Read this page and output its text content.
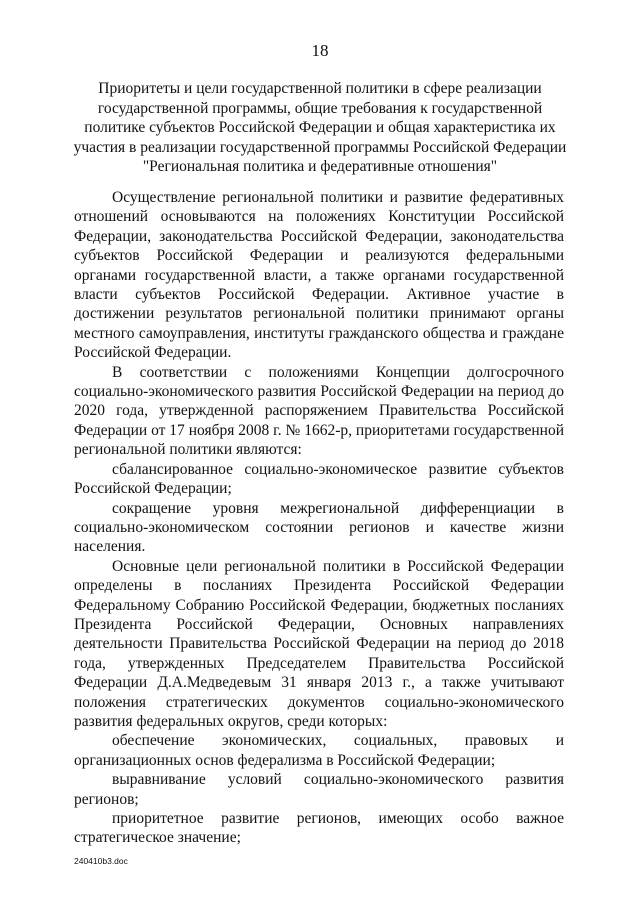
18
Приоритеты и цели государственной политики в сфере реализации
государственной программы, общие требования к государственной
политике субъектов Российской Федерации и общая характеристика их
участия в реализации государственной программы Российской Федерации
"Региональная политика и федеративные отношения"

Осуществление региональной политики и развитие федеративных отношений основываются на положениях Конституции Российской Федерации, законодательства Российской Федерации, законодательства субъектов Российской Федерации и реализуются федеральными органами государственной власти, а также органами государственной власти субъектов Российской Федерации. Активное участие в достижении результатов региональной политики принимают органы местного самоуправления, институты гражданского общества и граждане Российской Федерации.

В соответствии с положениями Концепции долгосрочного социально-экономического развития Российской Федерации на период до 2020 года, утвержденной распоряжением Правительства Российской Федерации от 17 ноября 2008 г. № 1662-р, приоритетами государственной региональной политики являются:

сбалансированное социально-экономическое развитие субъектов Российской Федерации;

сокращение уровня межрегиональной дифференциации в социально-экономическом состоянии регионов и качестве жизни населения.

Основные цели региональной политики в Российской Федерации определены в посланиях Президента Российской Федерации Федеральному Собранию Российской Федерации, бюджетных посланиях Президента Российской Федерации, Основных направлениях деятельности Правительства Российской Федерации на период до 2018 года, утвержденных Председателем Правительства Российской Федерации Д.А.Медведевым 31 января 2013 г., а также учитывают положения стратегических документов социально-экономического развития федеральных округов, среди которых:

обеспечение экономических, социальных, правовых и организационных основ федерализма в Российской Федерации;

выравнивание условий социально-экономического развития регионов;

приоритетное развитие регионов, имеющих особо важное стратегическое значение;

240410b3.doc
